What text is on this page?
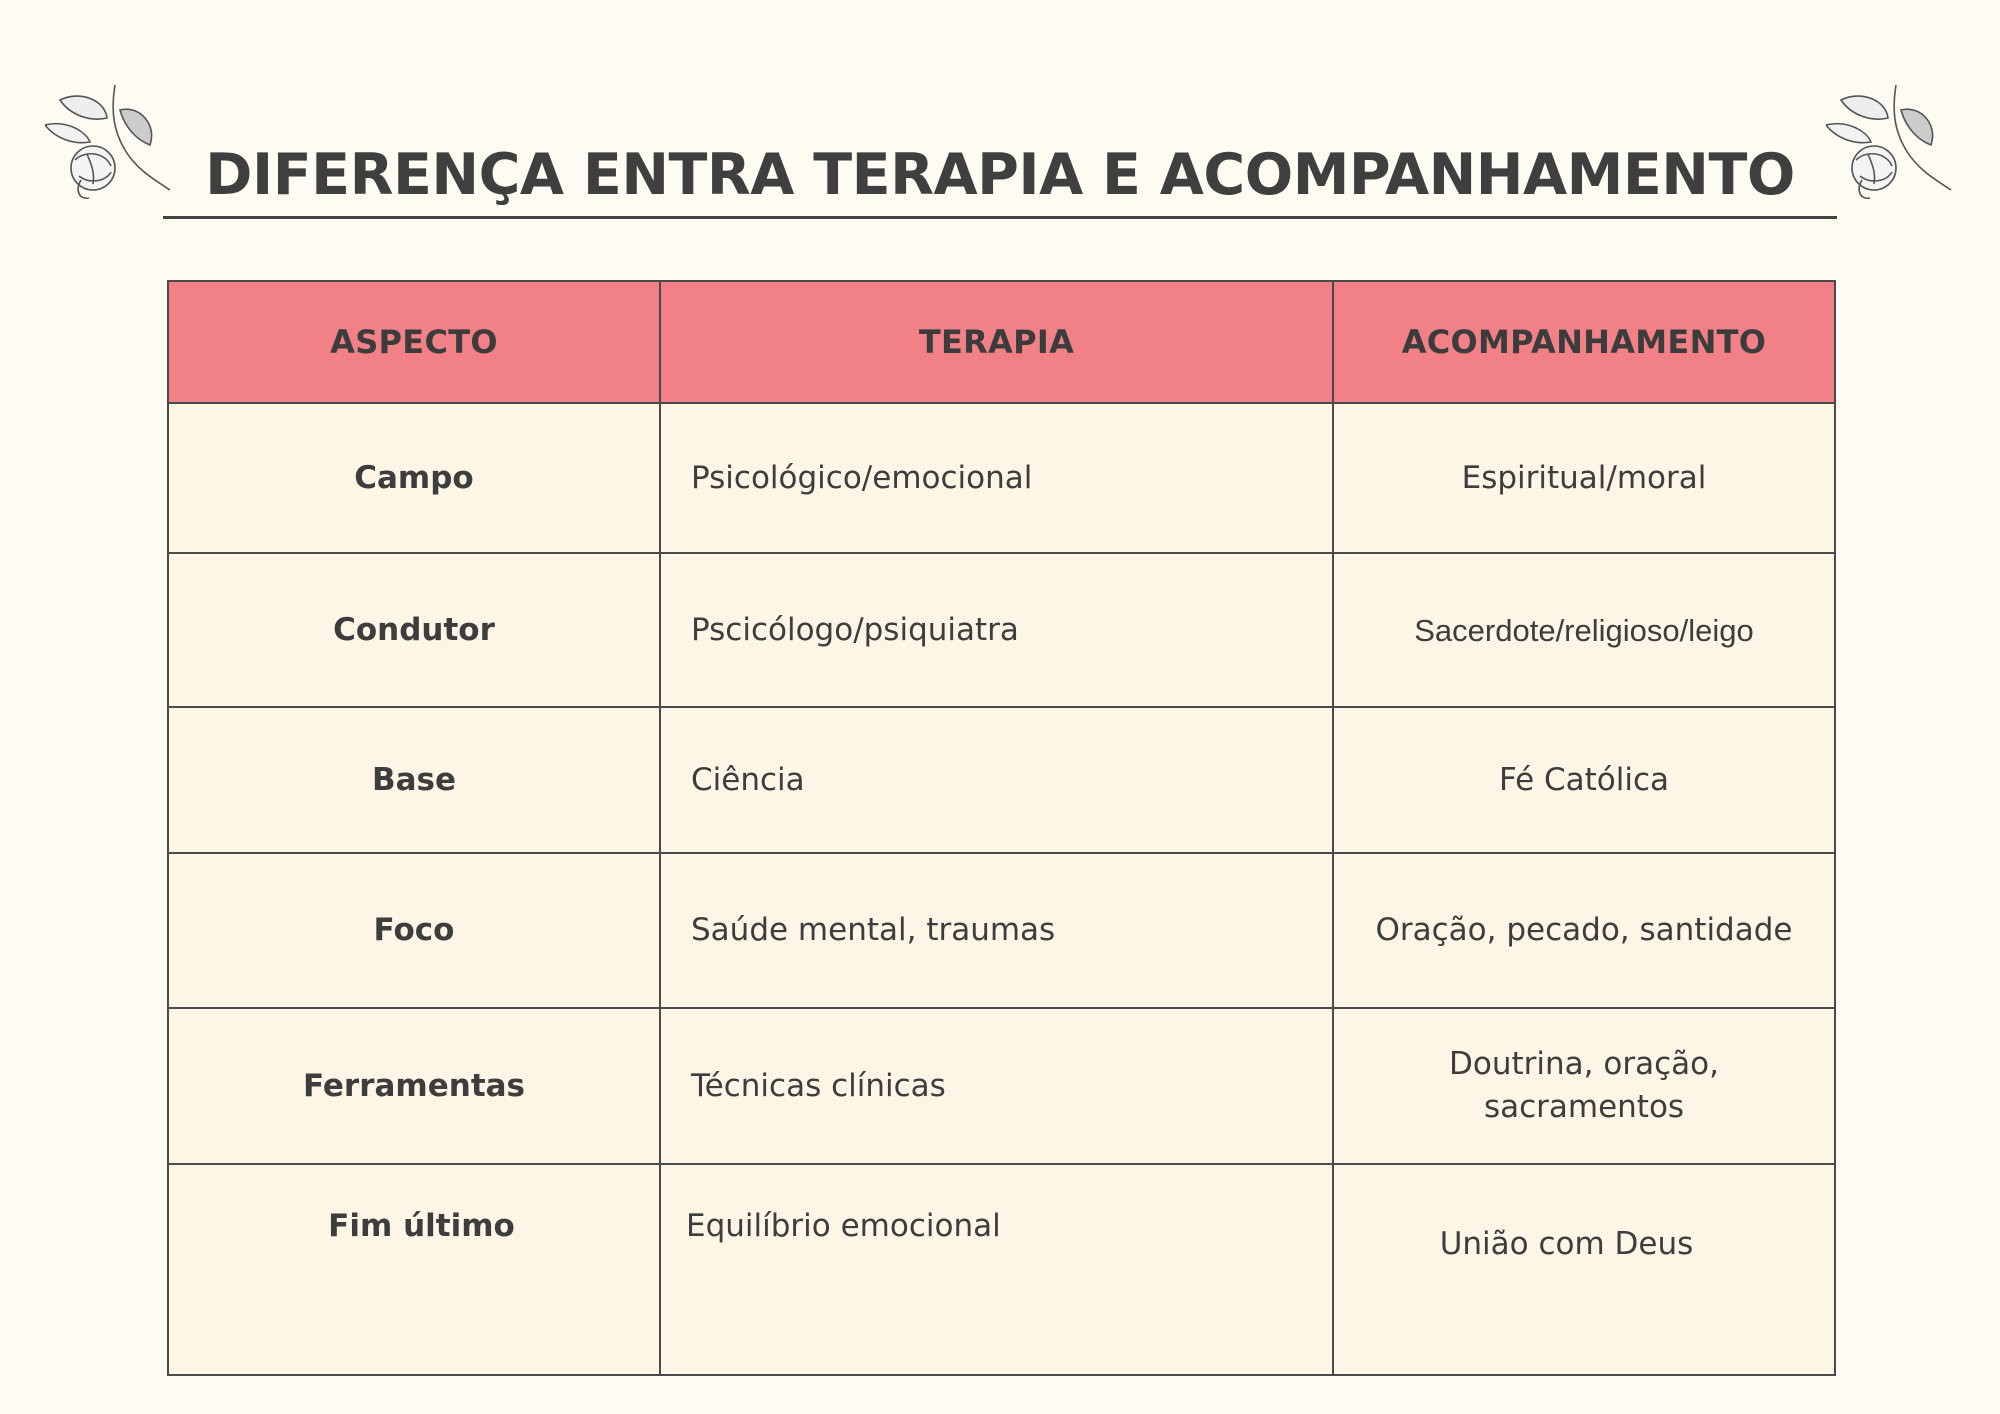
DIFERENÇA ENTRA TERAPIA E ACOMPANHAMENTO
ASPECTO	TERAPIA	ACOMPANHAMENTO
Campo	Psicológico/emocional	Espiritual/moral
Condutor	Pscicólogo/psiquiatra	Sacerdote/religioso/leigo
Base	Ciência	Fé Católica
Foco	Saúde mental, traumas	Oração, pecado, santidade
Ferramentas	Técnicas clínicas	Doutrina, oração, sacramentos
Fim último	Equilíbrio emocional	União com Deus
